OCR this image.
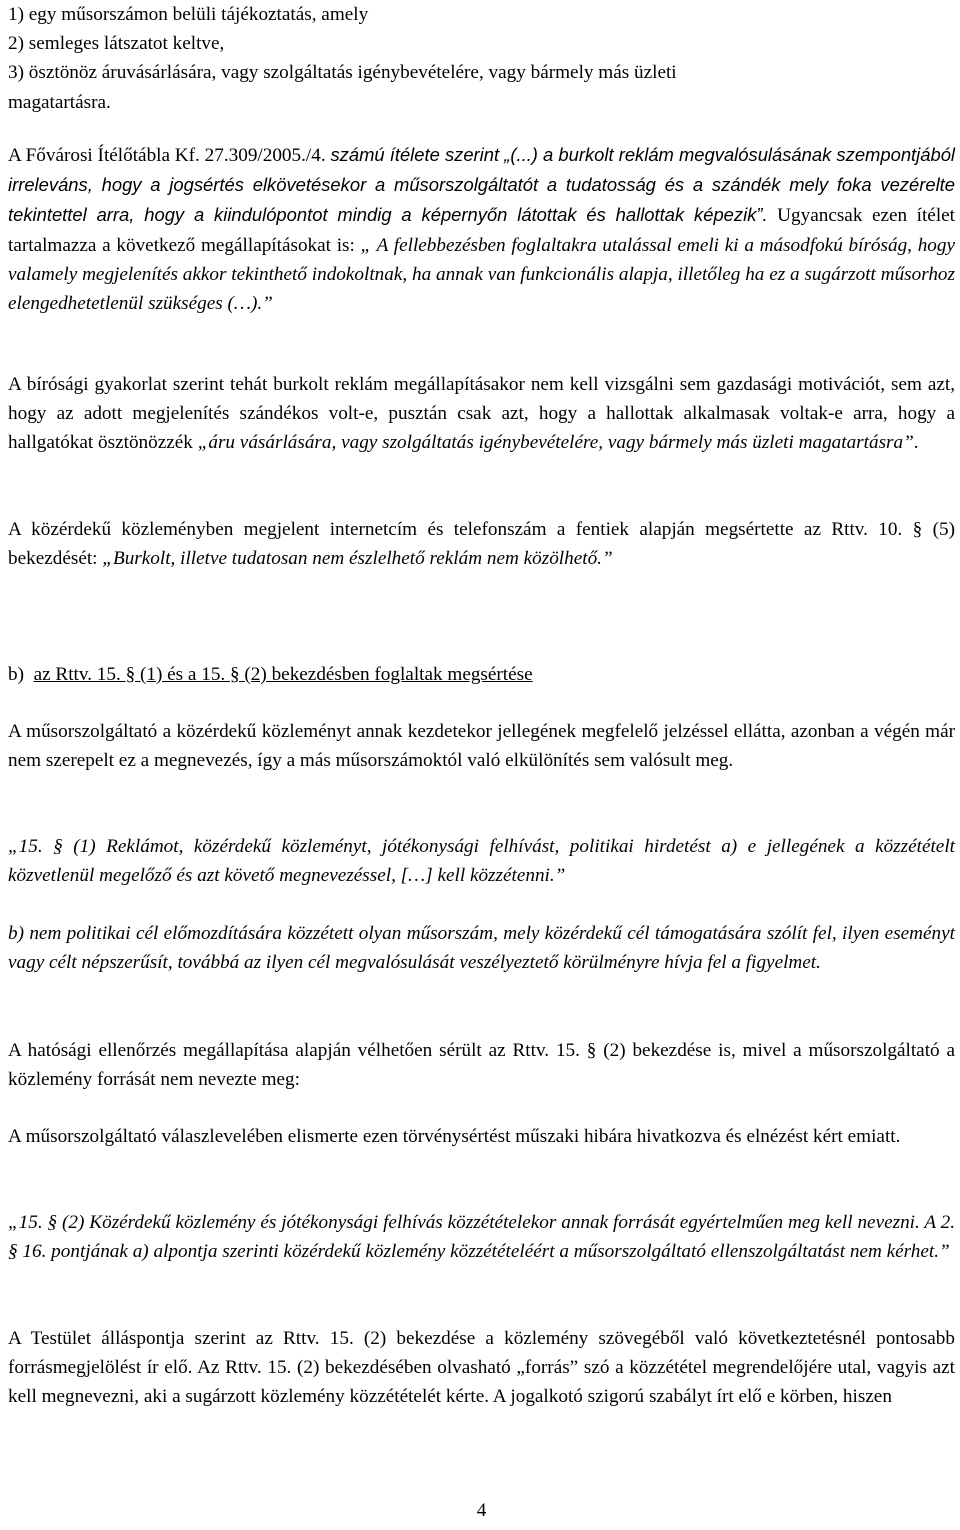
1) egy műsorszámon belüli tájékoztatás, amely
2) semleges látszatot keltve,
3) ösztönöz áruvásárlására, vagy szolgáltatás igénybevételére, vagy bármely más üzleti
magatartásra.

A Fővárosi Ítélőtábla Kf. 27.309/2005./4. számú ítélete szerint „(...) a burkolt reklám megvalósulásának szempontjából irreleváns, hogy a jogsértés elkövetésekor a műsorszolgáltatót a tudatosság és a szándék mely foka vezérelte tekintettel arra, hogy a kiindulópontot mindig a képernyőn látottak és hallottak képezik”. Ugyancsak ezen ítélet tartalmazza a következő megállapításokat is: „ A fellebbezésben foglaltakra utalással emeli ki a másodfokú bíróság, hogy valamely megjelenítés akkor tekinthető indokoltnak, ha annak van funkcionális alapja, illetőleg ha ez a sugárzott műsorhoz elengedhetetlenül szükséges (…).”

A bírósági gyakorlat szerint tehát burkolt reklám megállapításakor nem kell vizsgálni sem gazdasági motivációt, sem azt, hogy az adott megjelenítés szándékos volt-e, pusztán csak azt, hogy a hallottak alkalmasak voltak-e arra, hogy a hallgatókat ösztönözzék „áru vásárlására, vagy szolgáltatás igénybevételére, vagy bármely más üzleti magatartásra”.

A közérdekű közleményben megjelent internetcím és telefonszám a fentiek alapján megsértette az Rttv. 10. § (5) bekezdését: „Burkolt, illetve tudatosan nem észlelhető reklám nem közölhető.”

b) az Rttv. 15. § (1) és a 15. § (2) bekezdésben foglaltak megsértése

A műsorszolgáltató a közérdekű közleményt annak kezdetekor jellegének megfelelő jelzéssel ellátta, azonban a végén már nem szerepelt ez a megnevezés, így a más műsorszámoktól való elkülönítés sem valósult meg.

„15. § (1) Reklámot, közérdekű közleményt, jótékonysági felhívást, politikai hirdetést a) e jellegének a közzétételt közvetlenül megelőző és azt követő megnevezéssel, […] kell közzétenni.”

b) nem politikai cél előmozdítására közzétett olyan műsorszám, mely közérdekű cél támogatására szólít fel, ilyen eseményt vagy célt népszerűsít, továbbá az ilyen cél megvalósulását veszélyeztető körülményre hívja fel a figyelmet.

A hatósági ellenőrzés megállapítása alapján vélhetően sérült az Rttv. 15. § (2) bekezdése is, mivel a műsorszolgáltató a közlemény forrását nem nevezte meg:

A műsorszolgáltató válaszlevelében elismerte ezen törvénysértést műszaki hibára hivatkozva és elnézést kért emiatt.

„15. § (2) Közérdekű közlemény és jótékonysági felhívás közzétételekor annak forrását egyértelműen meg kell nevezni. A 2. § 16. pontjának a) alpontja szerinti közérdekű közlemény közzétételéért a műsorszolgáltató ellenszolgáltatást nem kérhet.”

A Testület álláspontja szerint az Rttv. 15. (2) bekezdése a közlemény szövegéből való következtetésnél pontosabb forrásmegjelölést ír elő. Az Rttv. 15. (2) bekezdésében olvasható „forrás” szó a közzététel megrendelőjére utal, vagyis azt kell megnevezni, aki a sugárzott közlemény közzétételét kérte. A jogalkotó szigorú szabályt írt elő e körben, hiszen

4
